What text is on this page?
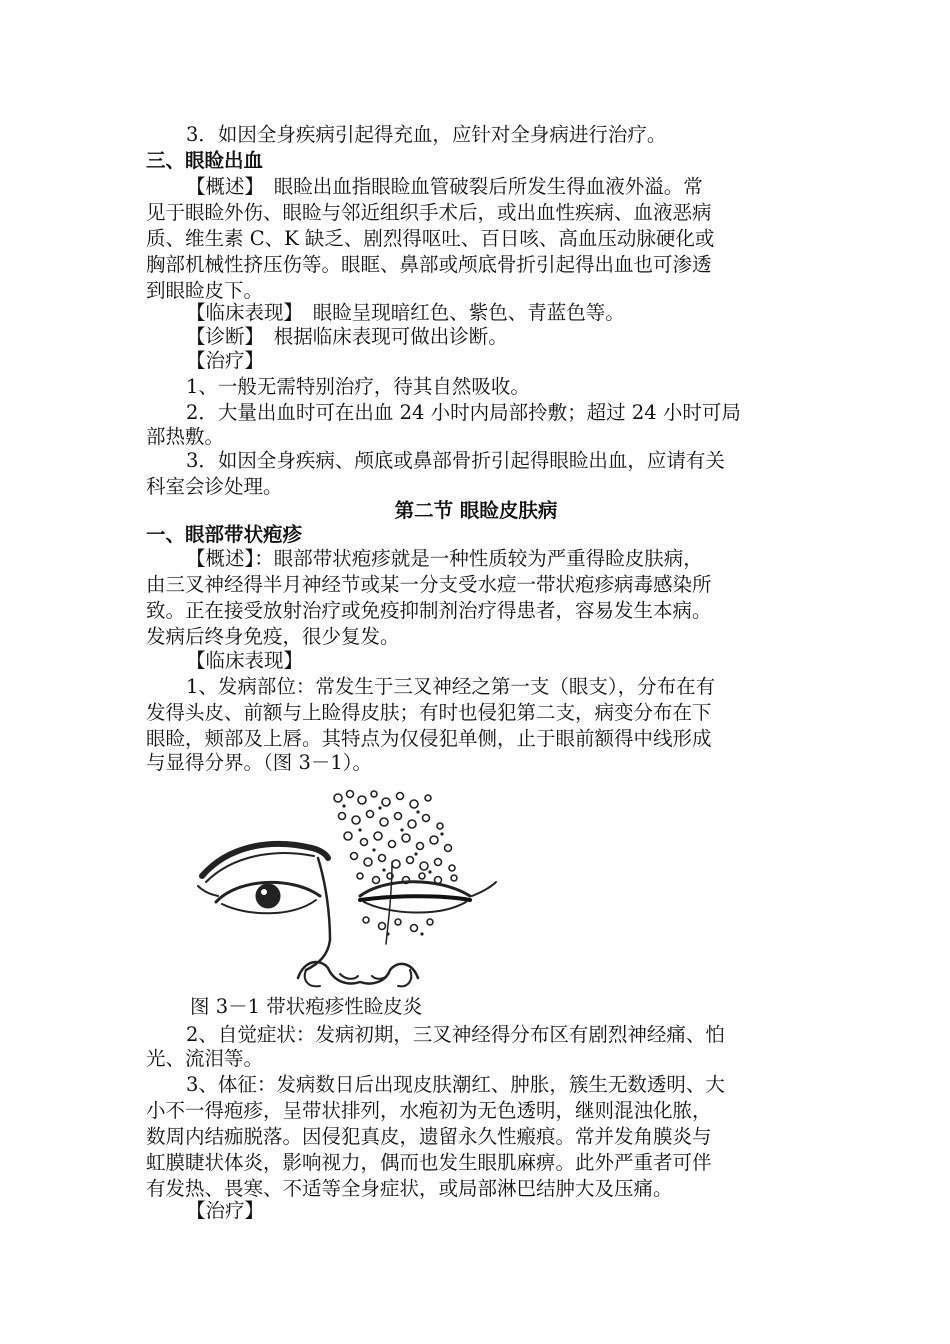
3．如因全身疾病引起得充血，应针对全身病进行治疗。
三、眼睑出血
【概述】　眼睑出血指眼睑血管破裂后所发生得血液外溢。常
见于眼睑外伤、眼睑与邻近组织手术后，或出血性疾病、血液恶病
质、维生素 C、K 缺乏、剧烈得呕吐、百日咳、高血压动脉硬化或
胸部机械性挤压伤等。眼眶、鼻部或颅底骨折引起得出血也可渗透
到眼睑皮下。
【临床表现】　眼睑呈现暗红色、紫色、青蓝色等。
【诊断】　根据临床表现可做出诊断。
【治疗】
1、一般无需特别治疗，待其自然吸收。
2．大量出血时可在出血 24 小时内局部拎敷；超过 24 小时可局
部热敷。
3．如因全身疾病、颅底或鼻部骨折引起得眼睑出血，应请有关
科室会诊处理。
第二节 眼睑皮肤病
一、眼部带状疱疹
【概述】：眼部带状疱疹就是一种性质较为严重得睑皮肤病，
由三叉神经得半月神经节或某一分支受水痘一带状疱疹病毒感染所
致。正在接受放射治疗或免疫抑制剂治疗得患者，容易发生本病。
发病后终身免疫，很少复发。
【临床表现】
1、发病部位：常发生于三叉神经之第一支（眼支），分布在有
发得头皮、前额与上睑得皮肤；有时也侵犯第二支，病变分布在下
眼睑，颊部及上唇。其特点为仅侵犯单侧，止于眼前额得中线形成
与显得分界。（图 3－1）。
图 3－1 带状疱疹性睑皮炎
2、自觉症状：发病初期，三叉神经得分布区有剧烈神经痛、怕
光、流泪等。
3、体征：发病数日后出现皮肤潮红、肿胀，簇生无数透明、大
小不一得疱疹，呈带状排列，水疱初为无色透明，继则混浊化脓，
数周内结痂脱落。因侵犯真皮，遗留永久性瘢痕。常并发角膜炎与
虹膜睫状体炎，影响视力，偶而也发生眼肌麻痹。此外严重者可伴
有发热、畏寒、不适等全身症状，或局部淋巴结肿大及压痛。
【治疗】
